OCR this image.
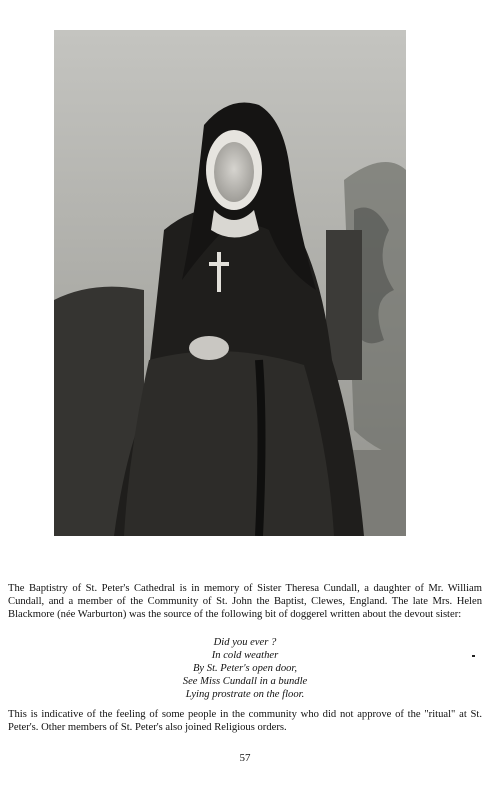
The Baptistry of St. Peter's Cathedral is in memory of Sister Theresa Cundall, a daughter of Mr. William Cundall, and a member of the Community of St. John the Baptist, Clewes, England. The late Mrs. Helen Blackmore (née Warburton) was the source of the following bit of doggerel written about the devout sister:

Did you ever ?
In cold weather
By St. Peter's open door,
See Miss Cundall in a bundle
Lying prostrate on the floor.

This is indicative of the feeling of some people in the community who did not approve of the "ritual" at St. Peter's. Other members of St. Peter's also joined Religious orders.

57
